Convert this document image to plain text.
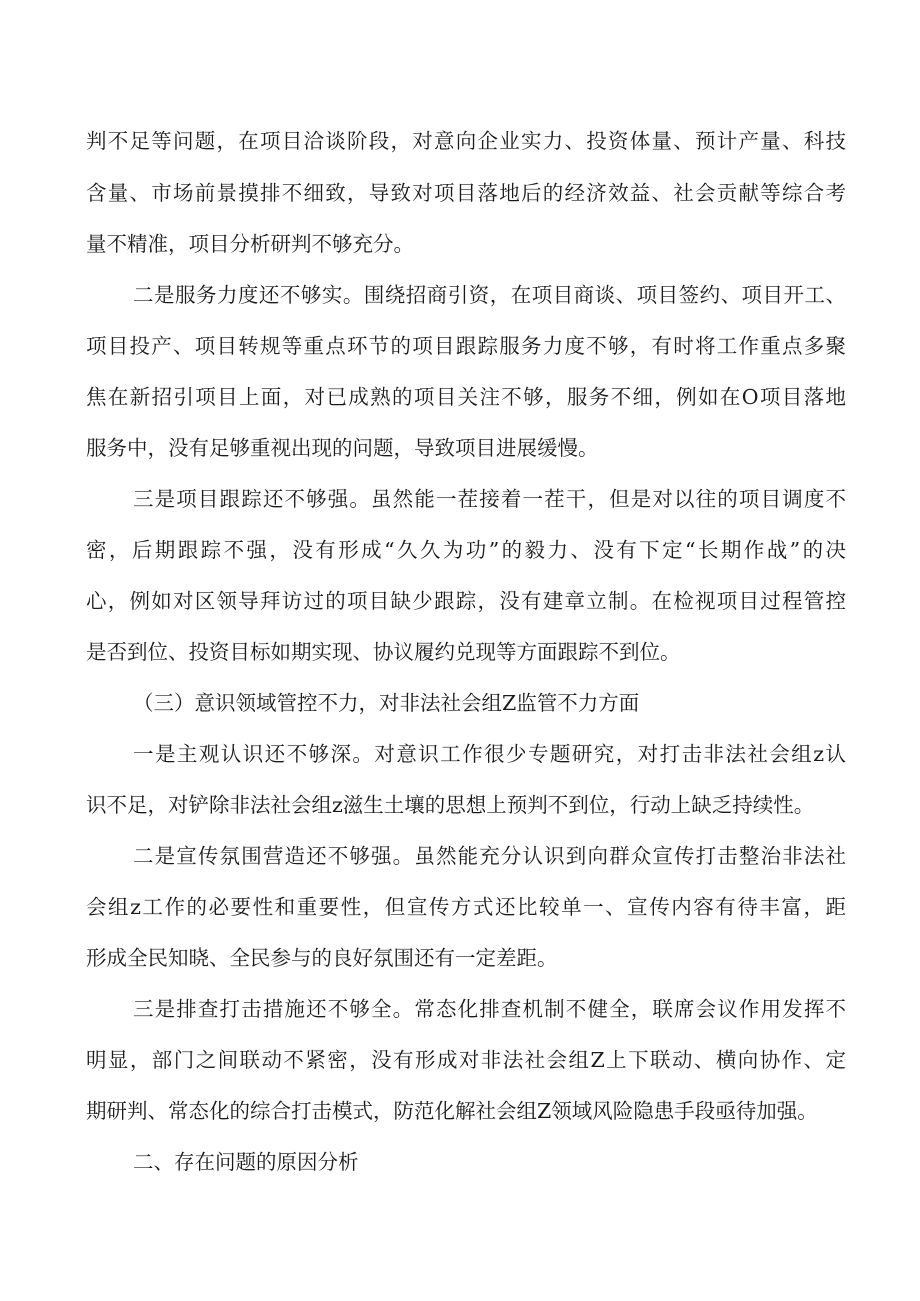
判不足等问题，在项目洽谈阶段，对意向企业实力、投资体量、预计产量、科技
含量、市场前景摸排不细致，导致对项目落地后的经济效益、社会贡献等综合考
量不精准，项目分析研判不够充分。
二是服务力度还不够实。围绕招商引资，在项目商谈、项目签约、项目开工、
项目投产、项目转规等重点环节的项目跟踪服务力度不够，有时将工作重点多聚
焦在新招引项目上面，对已成熟的项目关注不够，服务不细，例如在O项目落地
服务中，没有足够重视出现的问题，导致项目进展缓慢。
三是项目跟踪还不够强。虽然能一茬接着一茬干，但是对以往的项目调度不
密，后期跟踪不强，没有形成“久久为功”的毅力、没有下定“长期作战”的决
心，例如对区领导拜访过的项目缺少跟踪，没有建章立制。在检视项目过程管控
是否到位、投资目标如期实现、协议履约兑现等方面跟踪不到位。
（三）意识领域管控不力，对非法社会组Z监管不力方面
一是主观认识还不够深。对意识工作很少专题研究，对打击非法社会组z认
识不足，对铲除非法社会组z滋生土壤的思想上预判不到位，行动上缺乏持续性。
二是宣传氛围营造还不够强。虽然能充分认识到向群众宣传打击整治非法社
会组z工作的必要性和重要性，但宣传方式还比较单一、宣传内容有待丰富，距
形成全民知晓、全民参与的良好氛围还有一定差距。
三是排查打击措施还不够全。常态化排查机制不健全，联席会议作用发挥不
明显，部门之间联动不紧密，没有形成对非法社会组Z上下联动、横向协作、定
期研判、常态化的综合打击模式，防范化解社会组Z领域风险隐患手段亟待加强。
二、存在问题的原因分析
